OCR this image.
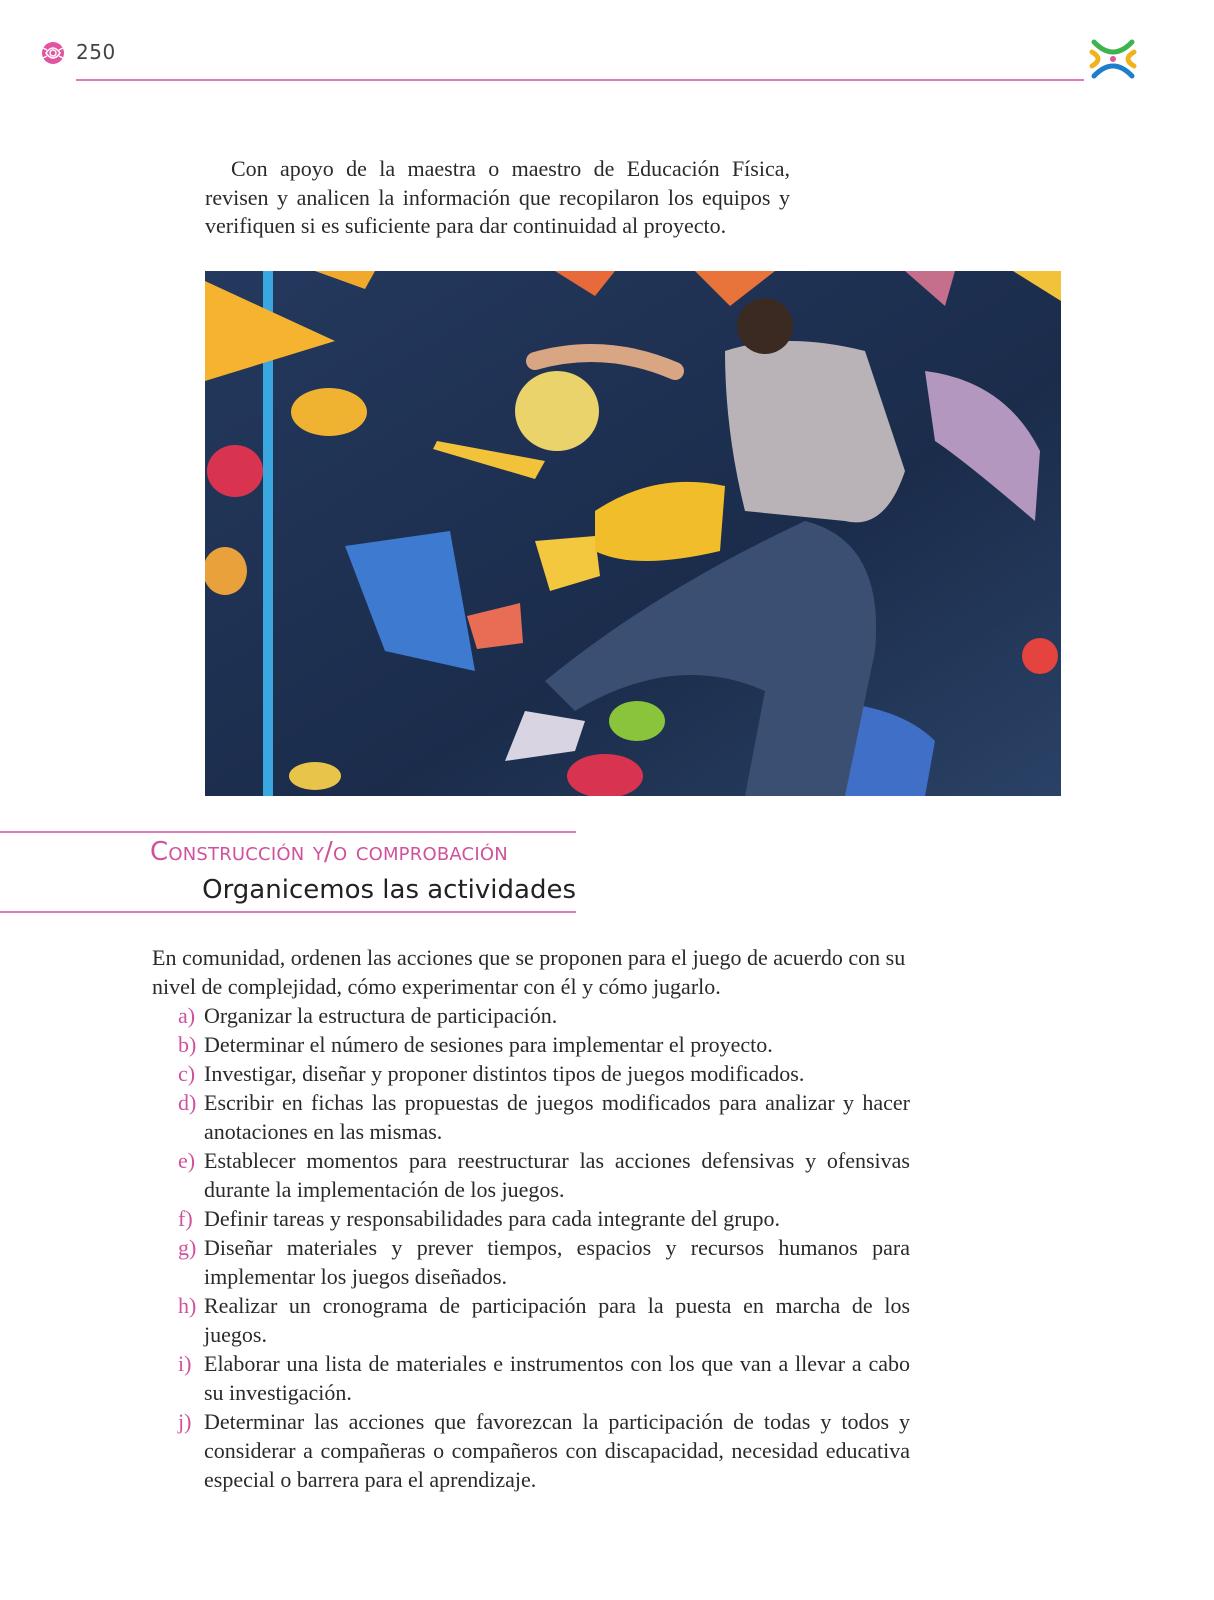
250

Con apoyo de la maestra o maestro de Educación Física, revisen y analicen la información que recopilaron los equipos y verifiquen si es suficiente para dar continuidad al proyecto.

Construcción y/o comprobación
Organicemos las actividades

En comunidad, ordenen las acciones que se proponen para el juego de acuerdo con su nivel de complejidad, cómo experimentar con él y cómo jugarlo.

a) Organizar la estructura de participación.
b) Determinar el número de sesiones para implementar el proyecto.
c) Investigar, diseñar y proponer distintos tipos de juegos modificados.
d) Escribir en fichas las propuestas de juegos modificados para analizar y hacer anotaciones en las mismas.
e) Establecer momentos para reestructurar las acciones defensivas y ofensivas durante la implementación de los juegos.
f) Definir tareas y responsabilidades para cada integrante del grupo.
g) Diseñar materiales y prever tiempos, espacios y recursos humanos para implementar los juegos diseñados.
h) Realizar un cronograma de participación para la puesta en marcha de los juegos.
i) Elaborar una lista de materiales e instrumentos con los que van a llevar a cabo su investigación.
j) Determinar las acciones que favorezcan la participación de todas y todos y considerar a compañeras o compañeros con discapacidad, necesidad educativa especial o barrera para el aprendizaje.
